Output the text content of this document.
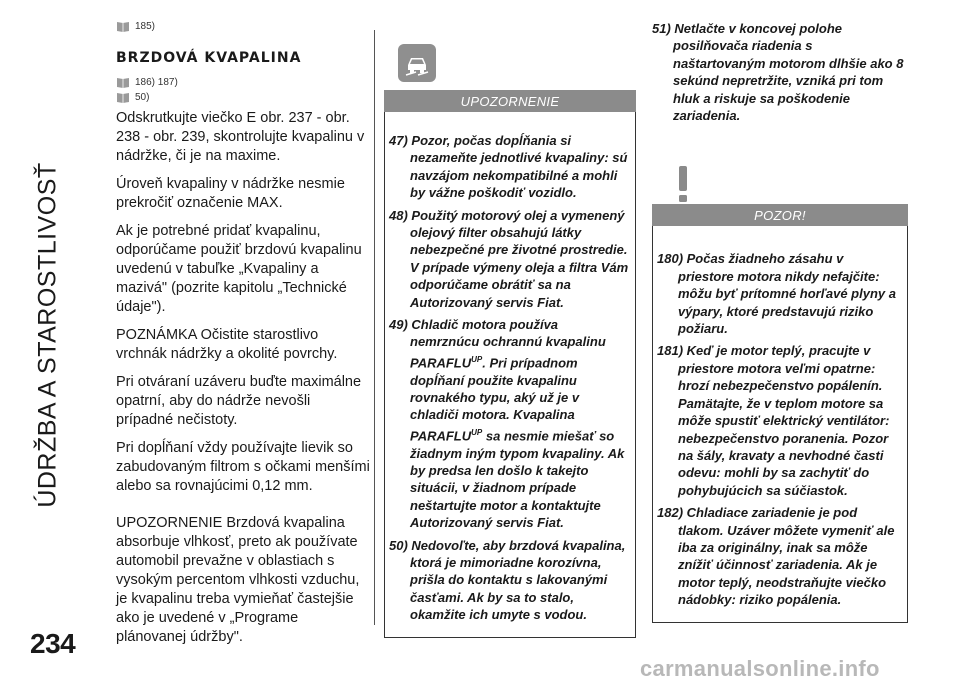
ÚDRŽBA A STAROSTLIVOSŤ
185)
BRZDOVÁ KVAPALINA
186) 187)
50)

Odskrutkujte viečko E obr. 237 - obr. 238 - obr. 239, skontrolujte kvapalinu v nádržke, či je na maxime.

Úroveň kvapaliny v nádržke nesmie prekročiť označenie MAX.

Ak je potrebné pridať kvapalinu, odporúčame použiť brzdovú kvapalinu uvedenú v tabuľke „Kvapaliny a mazivá" (pozrite kapitolu „Technické údaje").

POZNÁMKA Očistite starostlivo vrchnák nádržky a okolité povrchy.

Pri otváraní uzáveru buďte maximálne opatrní, aby do nádrže nevošli prípadné nečistoty.

Pri dopĺňaní vždy používajte lievik so zabudovaným filtrom s očkami menšími alebo sa rovnajúcimi 0,12 mm.

UPOZORNENIE Brzdová kvapalina absorbuje vlhkosť, preto ak používate automobil prevažne v oblastiach s vysokým percentom vlhkosti vzduchu, je kvapalinu treba vymieňať častejšie ako je uvedené v „Programe plánovanej údržby".

UPOZORNENIE

47) Pozor, počas dopĺňania si nezameňte jednotlivé kvapaliny: sú navzájom nekompatibilné a mohli by vážne poškodiť vozidlo.

48) Použitý motorový olej a vymenený olejový filter obsahujú látky nebezpečné pre životné prostredie. V prípade výmeny oleja a filtra Vám odporúčame obrátiť sa na Autorizovaný servis Fiat.

49) Chladič motora používa nemrznúcu ochrannú kvapalinu $PARAFLU^{UP}$. Pri prípadnom dopĺňaní použite kvapalinu rovnakého typu, aký už je v chladiči motora. Kvapalina $PARAFLU^{UP}$ sa nesmie miešať so žiadnym iným typom kvapaliny. Ak by predsa len došlo k takejto situácii, v žiadnom prípade neštartujte motor a kontaktujte Autorizovaný servis Fiat.

50) Nedovoľte, aby brzdová kvapalina, ktorá je mimoriadne korozívna, prišla do kontaktu s lakovanými časťami. Ak by sa to stalo, okamžite ich umyte s vodou.

51) Netlačte v koncovej polohe posilňovača riadenia s naštartovaným motorom dlhšie ako 8 sekúnd nepretržite, vzniká pri tom hluk a riskuje sa poškodenie zariadenia.

POZOR!

180) Počas žiadneho zásahu v priestore motora nikdy nefajčite: môžu byť prítomné horľavé plyny a výpary, ktoré predstavujú riziko požiaru.

181) Keď je motor teplý, pracujte v priestore motora veľmi opatrne: hrozí nebezpečenstvo popálenín. Pamätajte, že v teplom motore sa môže spustiť elektrický ventilátor: nebezpečenstvo poranenia. Pozor na šály, kravaty a nevhodné časti odevu: mohli by sa zachytiť do pohybujúcich sa súčiastok.

182) Chladiace zariadenie je pod tlakom. Uzáver môžete vymeniť ale iba za originálny, inak sa môže znížiť účinnosť zariadenia. Ak je motor teplý, neodstraňujte viečko nádobky: riziko popálenia.

234
carmanualsonline.info
